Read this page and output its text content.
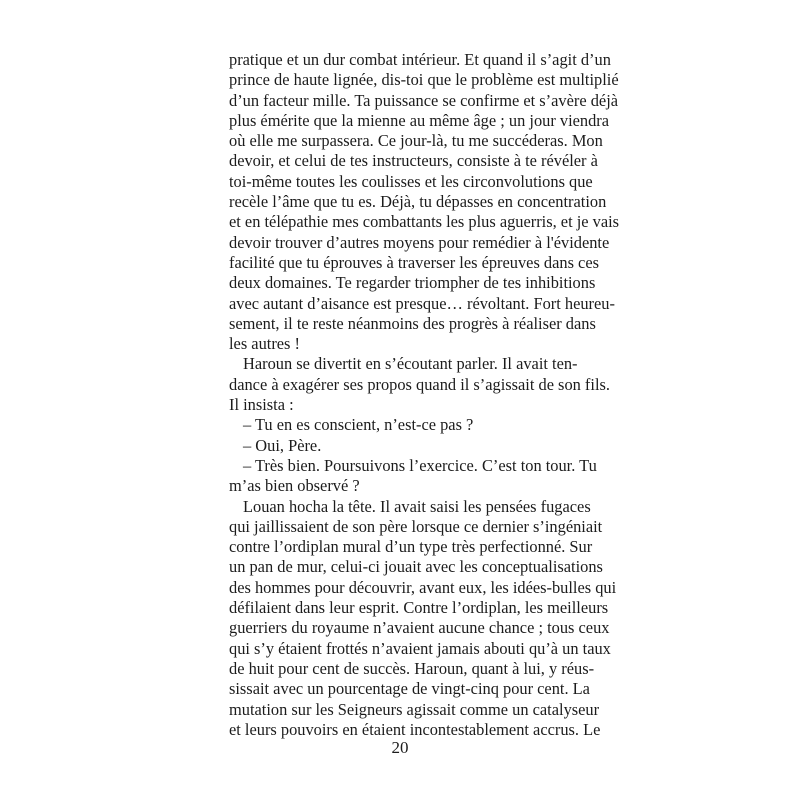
pratique et un dur combat intérieur. Et quand il s’agit d’un
prince de haute lignée, dis-toi que le problème est multiplié
d’un facteur mille. Ta puissance se confirme et s’avère déjà
plus émérite que la mienne au même âge ; un jour viendra
où elle me surpassera. Ce jour-là, tu me succéderas. Mon
devoir, et celui de tes instructeurs, consiste à te révéler à
toi-même toutes les coulisses et les circonvolutions que
recèle l’âme que tu es. Déjà, tu dépasses en concentration
et en télépathie mes combattants les plus aguerris, et je vais
devoir trouver d’autres moyens pour remédier à l'évidente
facilité que tu éprouves à traverser les épreuves dans ces
deux domaines. Te regarder triompher de tes inhibitions
avec autant d’aisance est presque… révoltant. Fort heureu-
sement, il te reste néanmoins des progrès à réaliser dans
les autres !
Haroun se divertit en s’écoutant parler. Il avait ten-
dance à exagérer ses propos quand il s’agissait de son fils.
Il insista :
– Tu en es conscient, n’est-ce pas ?
– Oui, Père.
– Très bien. Poursuivons l’exercice. C’est ton tour. Tu
m’as bien observé ?
Louan hocha la tête. Il avait saisi les pensées fugaces
qui jaillissaient de son père lorsque ce dernier s’ingéniait
contre l’ordiplan mural d’un type très perfectionné. Sur
un pan de mur, celui-ci jouait avec les conceptualisations
des hommes pour découvrir, avant eux, les idées-bulles qui
défilaient dans leur esprit. Contre l’ordiplan, les meilleurs
guerriers du royaume n’avaient aucune chance ; tous ceux
qui s’y étaient frottés n’avaient jamais abouti qu’à un taux
de huit pour cent de succès. Haroun, quant à lui, y réus-
sissait avec un pourcentage de vingt-cinq pour cent. La
mutation sur les Seigneurs agissait comme un catalyseur
et leurs pouvoirs en étaient incontestablement accrus. Le
20
